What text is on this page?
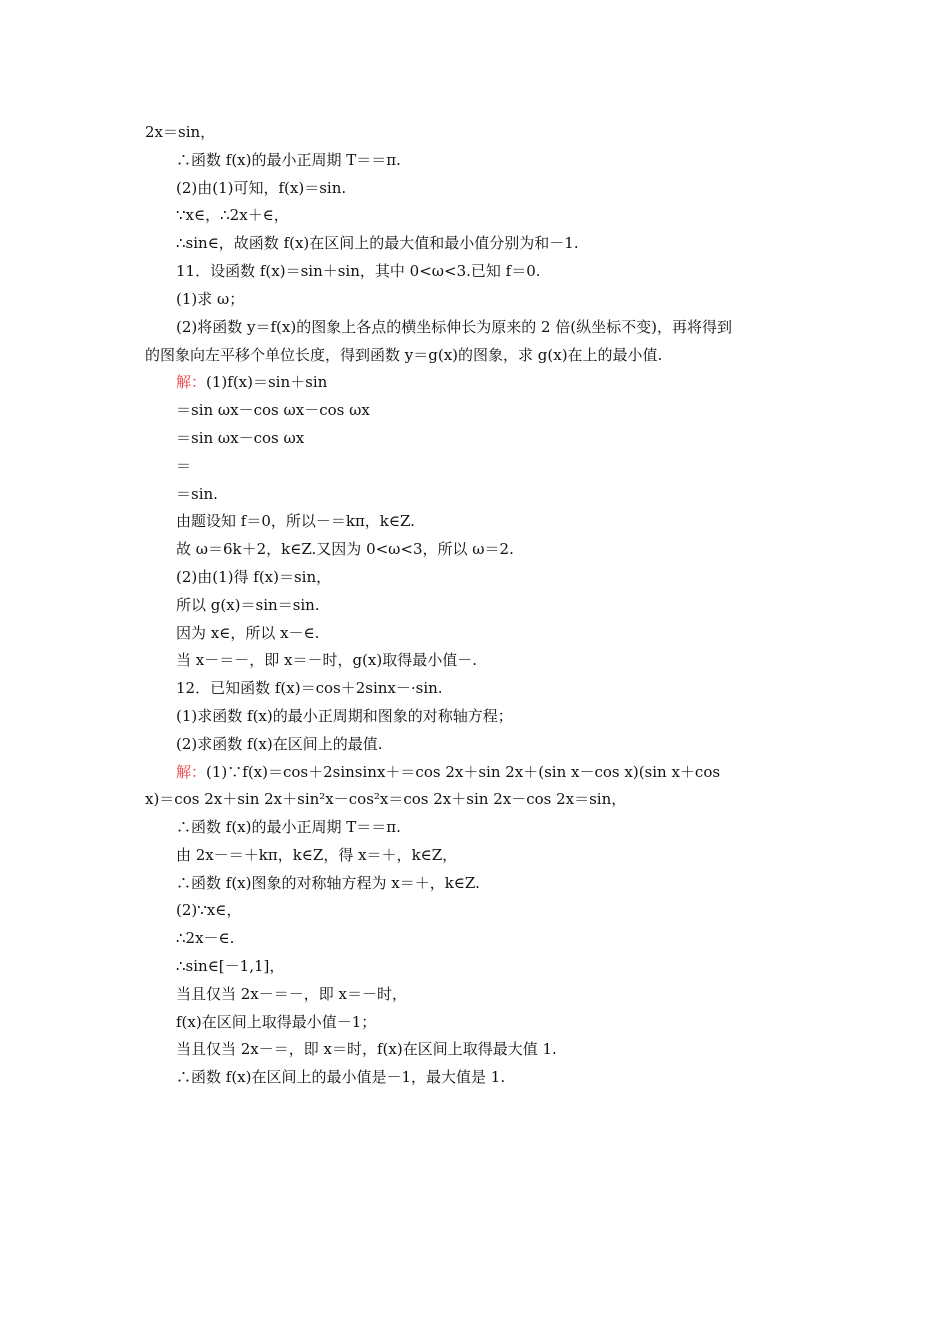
2x＝sin，
∴函数 f(x)的最小正周期 T＝＝π.
(2)由(1)可知，f(x)＝sin.
∵x∈，∴2x＋∈，
∴sin∈，故函数 f(x)在区间上的最大值和最小值分别为和－1.
11．设函数 f(x)＝sin＋sin，其中 0<ω<3.已知 f＝0.
(1)求 ω；
(2)将函数 y＝f(x)的图象上各点的横坐标伸长为原来的 2 倍(纵坐标不变)，再将得到
的图象向左平移个单位长度，得到函数 y＝g(x)的图象，求 g(x)在上的最小值.
解：(1)f(x)＝sin＋sin
＝sin ωx－cos ωx－cos ωx
＝sin ωx－cos ωx
＝
＝sin.
由题设知 f＝0，所以－＝kπ，k∈Z.
故 ω＝6k＋2，k∈Z.又因为 0<ω<3，所以 ω＝2.
(2)由(1)得 f(x)＝sin，
所以 g(x)＝sin＝sin.
因为 x∈，所以 x－∈.
当 x－＝－，即 x＝－时，g(x)取得最小值－.
12．已知函数 f(x)＝cos＋2sinx－·sin.
(1)求函数 f(x)的最小正周期和图象的对称轴方程；
(2)求函数 f(x)在区间上的最值.
解：(1)∵f(x)＝cos＋2sinsinx＋＝cos 2x＋sin 2x＋(sin x－cos x)(sin x＋cos
x)＝cos 2x＋sin 2x＋sin²x－cos²x＝cos 2x＋sin 2x－cos 2x＝sin，
∴函数 f(x)的最小正周期 T＝＝π.
由 2x－＝＋kπ，k∈Z，得 x＝＋，k∈Z，
∴函数 f(x)图象的对称轴方程为 x＝＋，k∈Z.
(2)∵x∈，
∴2x－∈.
∴sin∈[－1,1]，
当且仅当 2x－＝－，即 x＝－时，
f(x)在区间上取得最小值－1；
当且仅当 2x－＝，即 x＝时，f(x)在区间上取得最大值 1.
∴函数 f(x)在区间上的最小值是－1，最大值是 1.
